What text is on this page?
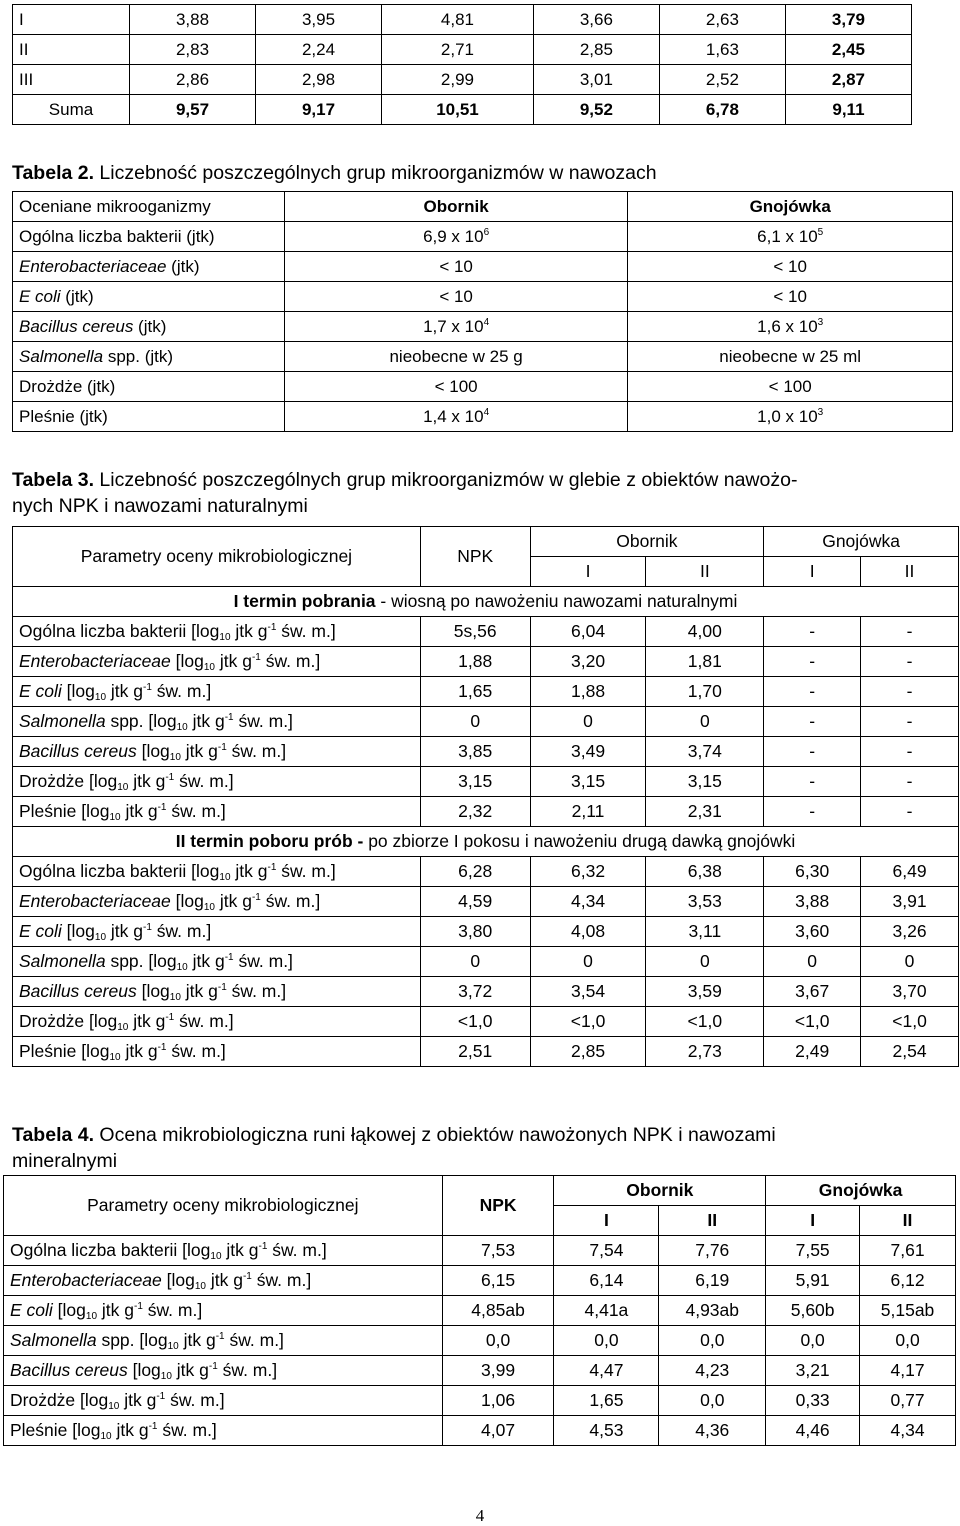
I	3,88	3,95	4,81	3,66	2,63	3,79
II	2,83	2,24	2,71	2,85	1,63	2,45
III	2,86	2,98	2,99	3,01	2,52	2,87
Suma	9,57	9,17	10,51	9,52	6,78	9,11
Tabela 2. Liczebność poszczególnych grup mikroorganizmów w nawozach
Oceniane mikrooganizmy	Obornik	Gnojówka
Ogólna liczba bakterii (jtk)	6,9 x $10^6$	6,1 x $10^5$
Enterobacteriaceae (jtk)	< 10	< 10
E coli (jtk)	< 10	< 10
Bacillus cereus (jtk)	1,7 x $10^4$	1,6 x $10^3$
Salmonella spp. (jtk)	nieobecne w 25 g	nieobecne w 25 ml
Drożdże (jtk)	< 100	< 100
Pleśnie (jtk)	1,4 x $10^4$	1,0 x $10^3$
Tabela 3. Liczebność poszczególnych grup mikroorganizmów w glebie z obiektów nawożo-
nych NPK i nawozami naturalnymi
Parametry oceny mikrobiologicznej	NPK	Obornik		Gnojówka	
		I	II	I	II
I termin pobrania - wiosną po nawożeniu nawozami naturalnymi					
Ogólna liczba bakterii [$\log_{10}$ jtk $g^{-1}$ św. m.]	5s,56	6,04	4,00	-	-
Enterobacteriaceae [$\log_{10}$ jtk $g^{-1}$ św. m.]	1,88	3,20	1,81	-	-
E coli [$\log_{10}$ jtk $g^{-1}$ św. m.]	1,65	1,88	1,70	-	-
Salmonella spp. [$\log_{10}$ jtk $g^{-1}$ św. m.]	0	0	0	-	-
Bacillus cereus [$\log_{10}$ jtk $g^{-1}$ św. m.]	3,85	3,49	3,74	-	-
Drożdże [$\log_{10}$ jtk $g^{-1}$ św. m.]	3,15	3,15	3,15	-	-
Pleśnie [$\log_{10}$ jtk $g^{-1}$ św. m.]	2,32	2,11	2,31	-	-
II termin poboru prób - po zbiorze I pokosu i nawożeniu drugą dawką gnojówki					
Ogólna liczba bakterii [$\log_{10}$ jtk $g^{-1}$ św. m.]	6,28	6,32	6,38	6,30	6,49
Enterobacteriaceae [$\log_{10}$ jtk $g^{-1}$ św. m.]	4,59	4,34	3,53	3,88	3,91
E coli [$\log_{10}$ jtk $g^{-1}$ św. m.]	3,80	4,08	3,11	3,60	3,26
Salmonella spp. [$\log_{10}$ jtk $g^{-1}$ św. m.]	0	0	0	0	0
Bacillus cereus [$\log_{10}$ jtk $g^{-1}$ św. m.]	3,72	3,54	3,59	3,67	3,70
Drożdże [$\log_{10}$ jtk $g^{-1}$ św. m.]	<1,0	<1,0	<1,0	<1,0	<1,0
Pleśnie [$\log_{10}$ jtk $g^{-1}$ św. m.]	2,51	2,85	2,73	2,49	2,54
Tabela 4. Ocena mikrobiologiczna runi łąkowej z obiektów nawożonych NPK i nawozami
mineralnymi
Parametry oceny mikrobiologicznej	NPK	Obornik		Gnojówka	
		I	II	I	II
Ogólna liczba bakterii [$\log_{10}$ jtk $g^{-1}$ św. m.]	7,53	7,54	7,76	7,55	7,61
Enterobacteriaceae [$\log_{10}$ jtk $g^{-1}$ św. m.]	6,15	6,14	6,19	5,91	6,12
E coli [$\log_{10}$ jtk $g^{-1}$ św. m.]	4,85ab	4,41a	4,93ab	5,60b	5,15ab
Salmonella spp. [$\log_{10}$ jtk $g^{-1}$ św. m.]	0,0	0,0	0,0	0,0	0,0
Bacillus cereus [$\log_{10}$ jtk $g^{-1}$ św. m.]	3,99	4,47	4,23	3,21	4,17
Drożdże [$\log_{10}$ jtk $g^{-1}$ św. m.]	1,06	1,65	0,0	0,33	0,77
Pleśnie [$\log_{10}$ jtk $g^{-1}$ św. m.]	4,07	4,53	4,36	4,46	4,34
4
